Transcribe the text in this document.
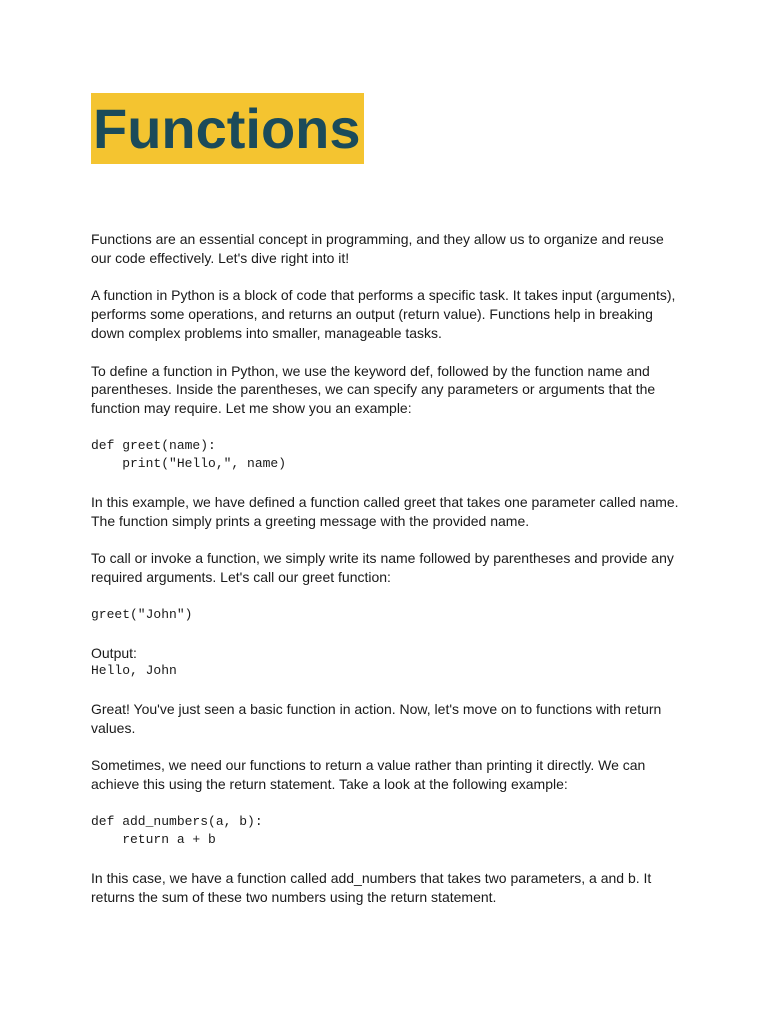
Functions

Functions are an essential concept in programming, and they allow us to organize and reuse our code effectively. Let's dive right into it!

A function in Python is a block of code that performs a specific task. It takes input (arguments), performs some operations, and returns an output (return value). Functions help in breaking down complex problems into smaller, manageable tasks.

To define a function in Python, we use the keyword def, followed by the function name and parentheses. Inside the parentheses, we can specify any parameters or arguments that the function may require. Let me show you an example:

def greet(name):
print("Hello,", name)

In this example, we have defined a function called greet that takes one parameter called name. The function simply prints a greeting message with the provided name.

To call or invoke a function, we simply write its name followed by parentheses and provide any required arguments. Let's call our greet function:

greet("John")
Output:
Hello, John

Great! You've just seen a basic function in action. Now, let's move on to functions with return values.

Sometimes, we need our functions to return a value rather than printing it directly. We can achieve this using the return statement. Take a look at the following example:

def add_numbers(a, b):
return a + b

In this case, we have a function called add_numbers that takes two parameters, a and b. It returns the sum of these two numbers using the return statement.
